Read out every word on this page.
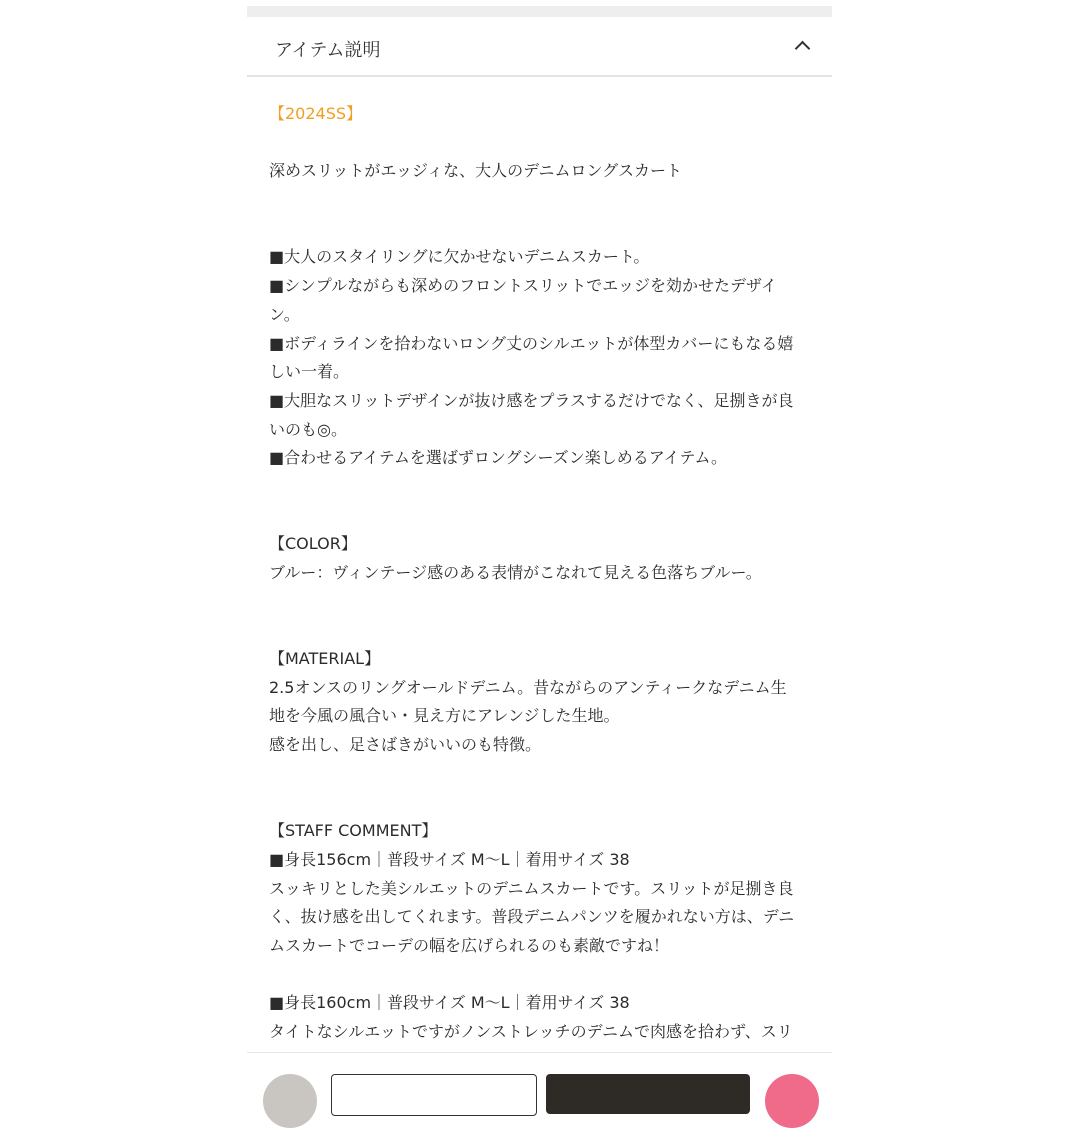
アイテム説明
【2024SS】
深めスリットがエッジィな、大人のデニムロングスカート
■大人のスタイリングに欠かせないデニムスカート。
■シンプルながらも深めのフロントスリットでエッジを効かせたデザイ
ン。
■ボディラインを拾わないロング丈のシルエットが体型カバーにもなる嬉
しい一着。
■大胆なスリットデザインが抜け感をプラスするだけでなく、足捌きが良
いのも◎。
■合わせるアイテムを選ばずロングシーズン楽しめるアイテム。
【COLOR】
ブルー：ヴィンテージ感のある表情がこなれて見える色落ちブルー。
【MATERIAL】
2.5オンスのリングオールドデニム。昔ながらのアンティークなデニム生
地を今風の風合い・見え方にアレンジした生地。
感を出し、足さばきがいいのも特徴。
【STAFF COMMENT】
■身長156cm｜普段サイズ M〜L｜着用サイズ 38
スッキリとした美シルエットのデニムスカートです。スリットが足捌き良
く、抜け感を出してくれます。普段デニムパンツを履かれない方は、デニ
ムスカートでコーデの幅を広げられるのも素敵ですね！
■身長160cm｜普段サイズ M〜L｜着用サイズ 38
タイトなシルエットですがノンストレッチのデニムで肉感を拾わず、スリ
